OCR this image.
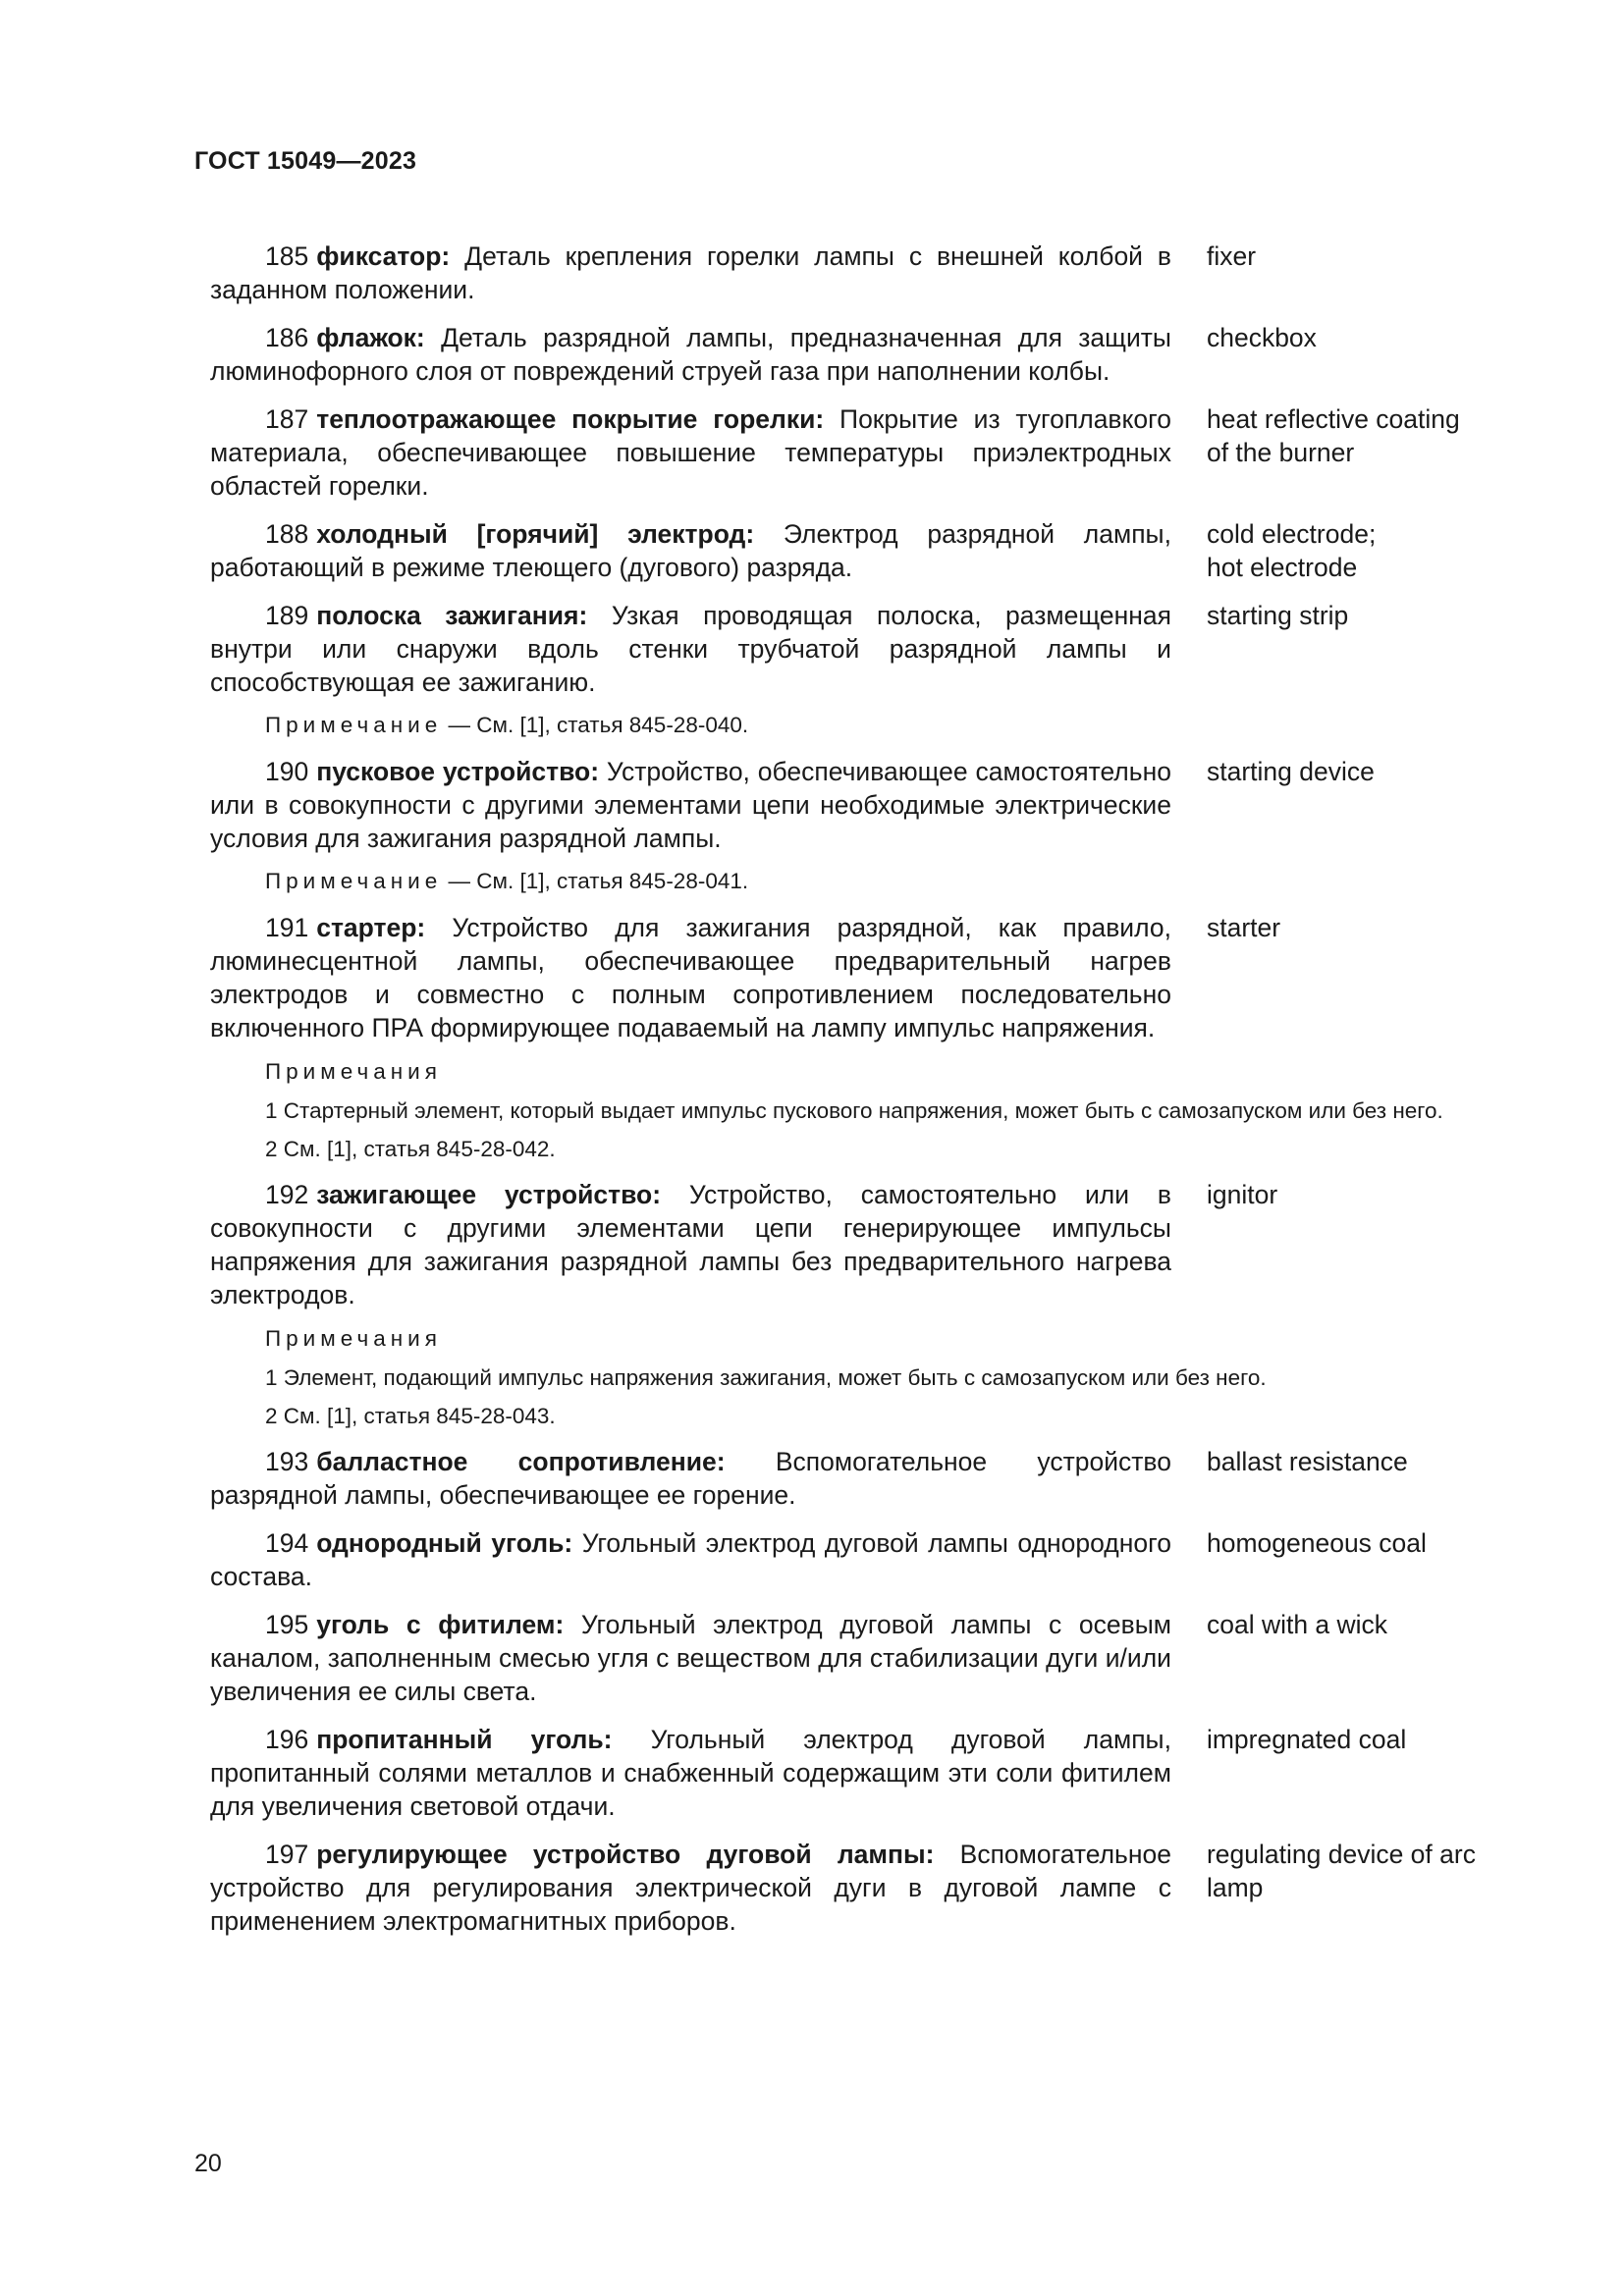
ГОСТ 15049—2023
185 фиксатор: Деталь крепления горелки лампы с внешней колбой в заданном положении.
fixer
186 флажок: Деталь разрядной лампы, предназначенная для защиты люминофорного слоя от повреждений струей газа при наполнении колбы.
checkbox
187 теплоотражающее покрытие горелки: Покрытие из тугоплавкого материала, обеспечивающее повышение температуры приэлектродных областей горелки.
heat reflective coating of the burner
188 холодный [горячий] электрод: Электрод разрядной лампы, работающий в режиме тлеющего (дугового) разряда.
cold electrode;
hot electrode
189 полоска зажигания: Узкая проводящая полоска, размещенная внутри или снаружи вдоль стенки трубчатой разрядной лампы и способствующая ее зажиганию.
starting strip
Примечание — См. [1], статья 845-28-040.
190 пусковое устройство: Устройство, обеспечивающее самостоятельно или в совокупности с другими элементами цепи необходимые электрические условия для зажигания разрядной лампы.
starting device
Примечание — См. [1], статья 845-28-041.
191 стартер: Устройство для зажигания разрядной, как правило, люминесцентной лампы, обеспечивающее предварительный нагрев электродов и совместно с полным сопротивлением последовательно включенного ПРА формирующее подаваемый на лампу импульс напряжения.
starter
Примечания
1 Стартерный элемент, который выдает импульс пускового напряжения, может быть с самозапуском или без него.
2 См. [1], статья 845-28-042.
192 зажигающее устройство: Устройство, самостоятельно или в совокупности с другими элементами цепи генерирующее импульсы напряжения для зажигания разрядной лампы без предварительного нагрева электродов.
ignitor
Примечания
1 Элемент, подающий импульс напряжения зажигания, может быть с самозапуском или без него.
2 См. [1], статья 845-28-043.
193 балластное сопротивление: Вспомогательное устройство разрядной лампы, обеспечивающее ее горение.
ballast resistance
194 однородный уголь: Угольный электрод дуговой лампы однородного состава.
homogeneous coal
195 уголь с фитилем: Угольный электрод дуговой лампы с осевым каналом, заполненным смесью угля с веществом для стабилизации дуги и/или увеличения ее силы света.
coal with a wick
196 пропитанный уголь: Угольный электрод дуговой лампы, пропитанный солями металлов и снабженный содержащим эти соли фитилем для увеличения световой отдачи.
impregnated coal
197 регулирующее устройство дуговой лампы: Вспомогательное устройство для регулирования электрической дуги в дуговой лампе с применением электромагнитных приборов.
regulating device of arc lamp
20
